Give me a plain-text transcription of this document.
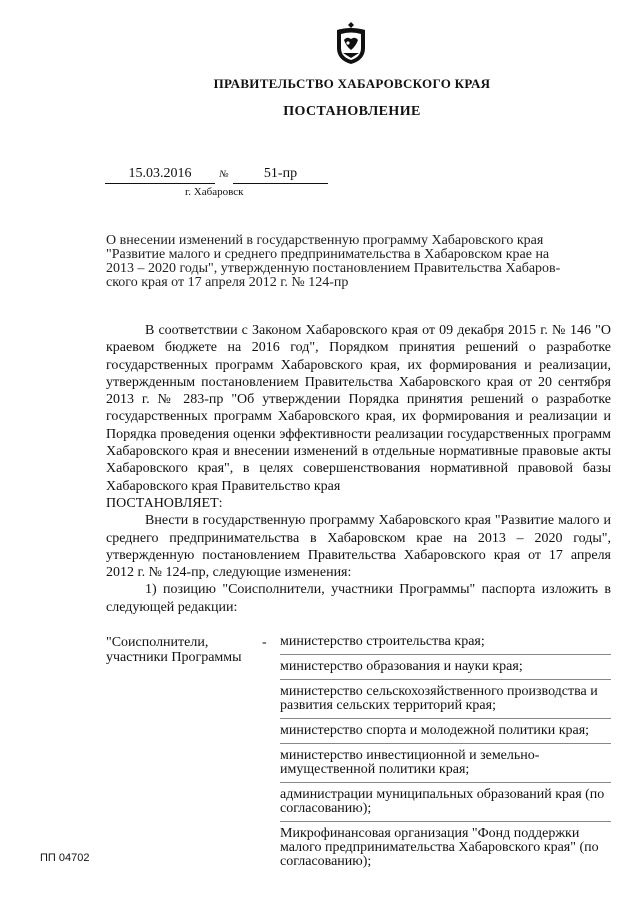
ПРАВИТЕЛЬСТВО ХАБАРОВСКОГО КРАЯ
ПОСТАНОВЛЕНИЕ
15.03.2016	№	51-пр
г. Хабаровск
О внесении изменений в государственную программу Хабаровского края
"Развитие малого и среднего предпринимательства в Хабаровском крае на
2013 – 2020 годы", утвержденную постановлением Правительства Хабаров-
ского края от 17 апреля 2012 г. № 124-пр

В соответствии с Законом Хабаровского края от 09 декабря 2015 г. № 146 "О краевом бюджете на 2016 год", Порядком принятия решений о разработке государственных программ Хабаровского края, их формирования и реализации, утвержденным постановлением Правительства Хабаровского края от 20 сентября 2013 г. № 283-пр "Об утверждении Порядка принятия решений о разработке государственных программ Хабаровского края, их формирования и реализации и Порядка проведения оценки эффективности реализации государственных программ Хабаровского края и внесении изменений в отдельные нормативные правовые акты Хабаровского края", в целях совершенствования нормативной правовой базы Хабаровского края Правительство края

ПОСТАНОВЛЯЕТ:

Внести в государственную программу Хабаровского края "Развитие малого и среднего предпринимательства в Хабаровском крае на 2013 – 2020 годы", утвержденную постановлением Правительства Хабаровского края от 17 апреля 2012 г. № 124-пр, следующие изменения:

1) позицию "Соисполнители, участники Программы" паспорта изложить в следующей редакции:

"Соисполнители, участники Программы
- министерство строительства края;
министерство образования и науки края;
министерство сельскохозяйственного производства и развития сельских территорий края;
министерство спорта и молодежной политики края;
министерство инвестиционной и земельно-имущественной политики края;
администрации муниципальных образований края (по согласованию);
Микрофинансовая организация "Фонд поддержки малого предпринимательства Хабаровского края" (по согласованию);
ПП 04702
